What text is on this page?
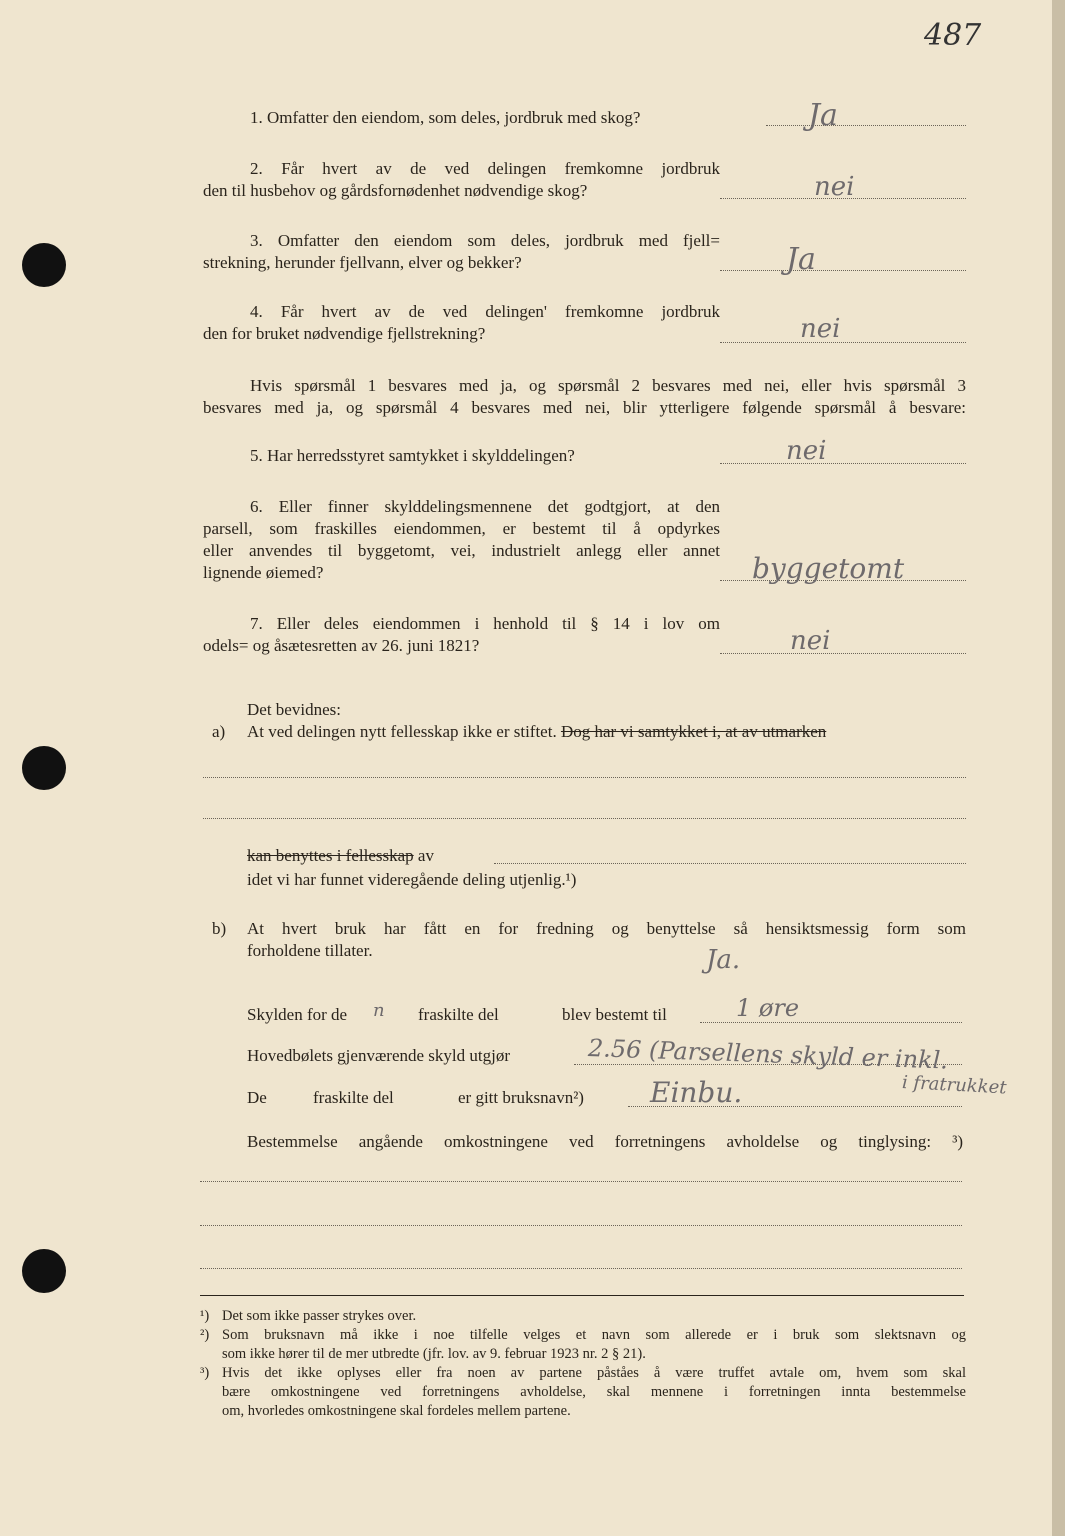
487
1. Omfatter den eiendom, som deles, jordbruk med skog?	Ja
2. Får hvert av de ved delingen fremkomne jordbruk
den til husbehov og gårdsfornødenhet nødvendige skog?	nei
3. Omfatter den eiendom som deles, jordbruk med fjell=
strekning, herunder fjellvann, elver og bekker?	Ja
4. Får hvert av de ved delingen' fremkomne jordbruk
den for bruket nødvendige fjellstrekning?	nei
Hvis spørsmål 1 besvares med ja, og spørsmål 2 besvares med nei, eller hvis spørsmål 3
besvares med ja, og spørsmål 4 besvares med nei, blir ytterligere følgende spørsmål å besvare:
5. Har herredsstyret samtykket i skylddelingen?	nei
6. Eller finner skylddelingsmennene det godtgjort, at den
parsell, som fraskilles eiendommen, er bestemt til å opdyrkes
eller anvendes til byggetomt, vei, industrielt anlegg eller annet
lignende øiemed?	byggetomt
7. Eller deles eiendommen i henhold til § 14 i lov om
odels= og åsætesretten av 26. juni 1821?	nei
Det bevidnes:
a) At ved delingen nytt fellesskap ikke er stiftet. Dog har vi samtykket i, at av utmarken
kan benyttes i fellesskap av
idet vi har funnet videregående deling utjenlig.¹)
b) At hvert bruk har fått en for fredning og benyttelse så hensiktsmessig form som
forholdene tillater.	Ja.
Skylden for de n fraskilte del	blev bestemt til	1 øre
Hovedbølets gjenværende skyld utgjør	2.56 (Parsellens skyld er inkl.
i fratrukket
De	fraskilte del	er gitt bruksnavn²) Einbu.
Bestemmelse angående omkostningene ved forretningens avholdelse og tinglysing: ³)
¹) Det som ikke passer strykes over.
²) Som bruksnavn må ikke i noe tilfelle velges et navn som allerede er i bruk som slektsnavn og
som ikke hører til de mer utbredte (jfr. lov. av 9. februar 1923 nr. 2 § 21).
³) Hvis det ikke oplyses eller fra noen av partene påståes å være truffet avtale om, hvem som skal
bære omkostningene ved forretningens avholdelse, skal mennene i forretningen innta bestemmelse
om, hvorledes omkostningene skal fordeles mellem partene.
